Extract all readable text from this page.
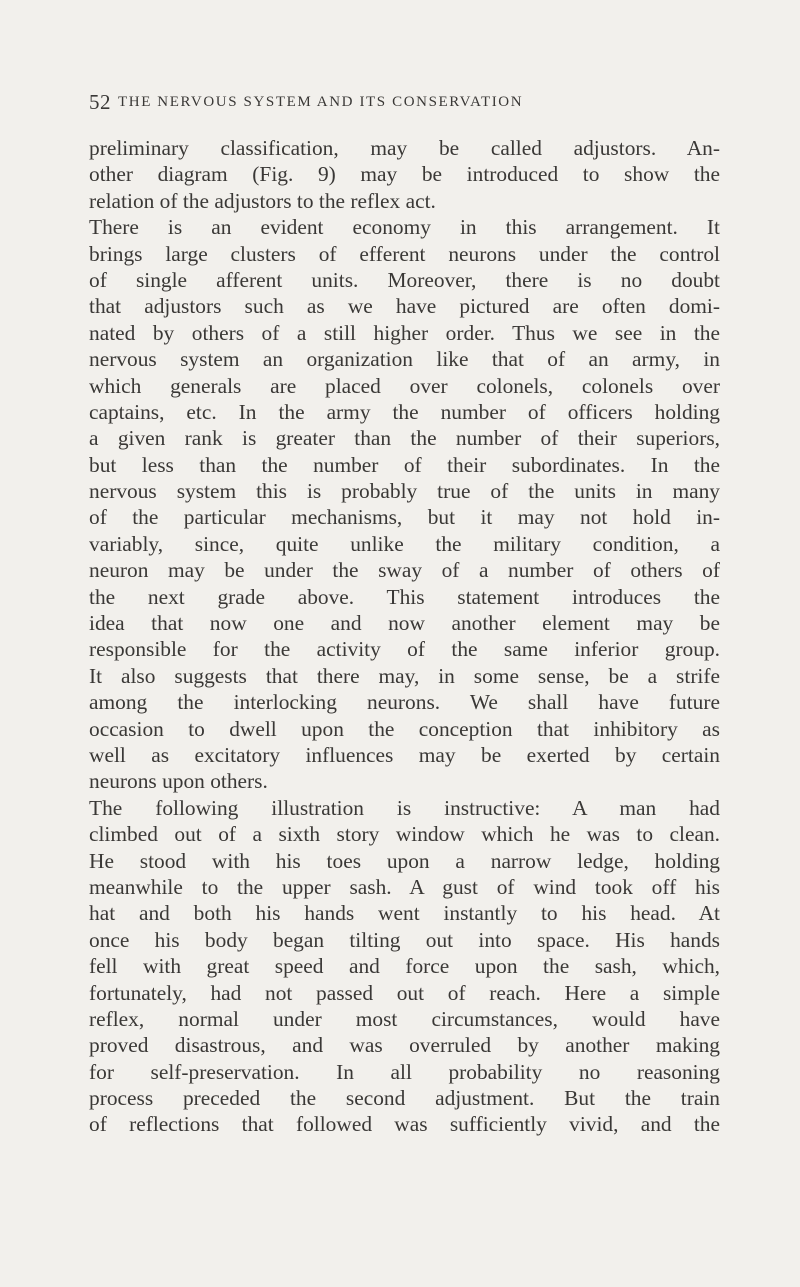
52 THE NERVOUS SYSTEM AND ITS CONSERVATION
preliminary classification, may be called adjustors. An-
other diagram (Fig. 9) may be introduced to show the
relation of the adjustors to the reflex act.
There is an evident economy in this arrangement. It
brings large clusters of efferent neurons under the control
of single afferent units. Moreover, there is no doubt
that adjustors such as we have pictured are often domi-
nated by others of a still higher order. Thus we see in the
nervous system an organization like that of an army, in
which generals are placed over colonels, colonels over
captains, etc. In the army the number of officers holding
a given rank is greater than the number of their superiors,
but less than the number of their subordinates. In the
nervous system this is probably true of the units in many
of the particular mechanisms, but it may not hold in-
variably, since, quite unlike the military condition, a
neuron may be under the sway of a number of others of
the next grade above. This statement introduces the
idea that now one and now another element may be
responsible for the activity of the same inferior group.
It also suggests that there may, in some sense, be a strife
among the interlocking neurons. We shall have future
occasion to dwell upon the conception that inhibitory as
well as excitatory influences may be exerted by certain
neurons upon others.
The following illustration is instructive: A man had
climbed out of a sixth story window which he was to clean.
He stood with his toes upon a narrow ledge, holding
meanwhile to the upper sash. A gust of wind took off his
hat and both his hands went instantly to his head. At
once his body began tilting out into space. His hands
fell with great speed and force upon the sash, which,
fortunately, had not passed out of reach. Here a simple
reflex, normal under most circumstances, would have
proved disastrous, and was overruled by another making
for self-preservation. In all probability no reasoning
process preceded the second adjustment. But the train
of reflections that followed was sufficiently vivid, and the
